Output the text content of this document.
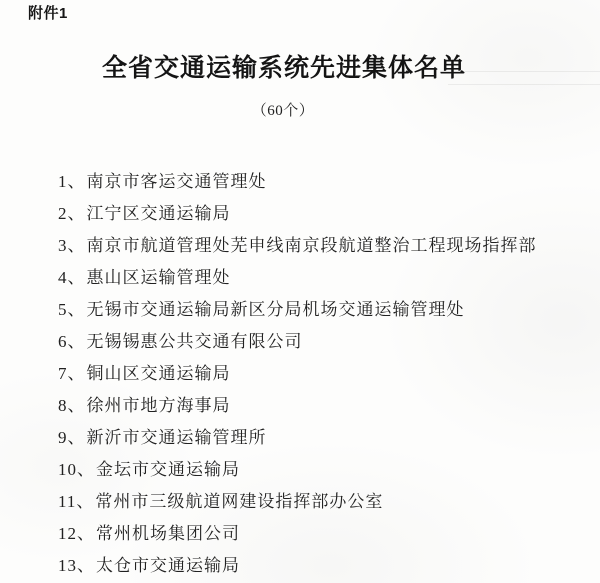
附件1
全省交通运输系统先进集体名单
（60个）
1、南京市客运交通管理处
2、江宁区交通运输局
3、南京市航道管理处芜申线南京段航道整治工程现场指挥部
4、惠山区运输管理处
5、无锡市交通运输局新区分局机场交通运输管理处
6、无锡锡惠公共交通有限公司
7、铜山区交通运输局
8、徐州市地方海事局
9、新沂市交通运输管理所
10、金坛市交通运输局
11、常州市三级航道网建设指挥部办公室
12、常州机场集团公司
13、太仓市交通运输局
